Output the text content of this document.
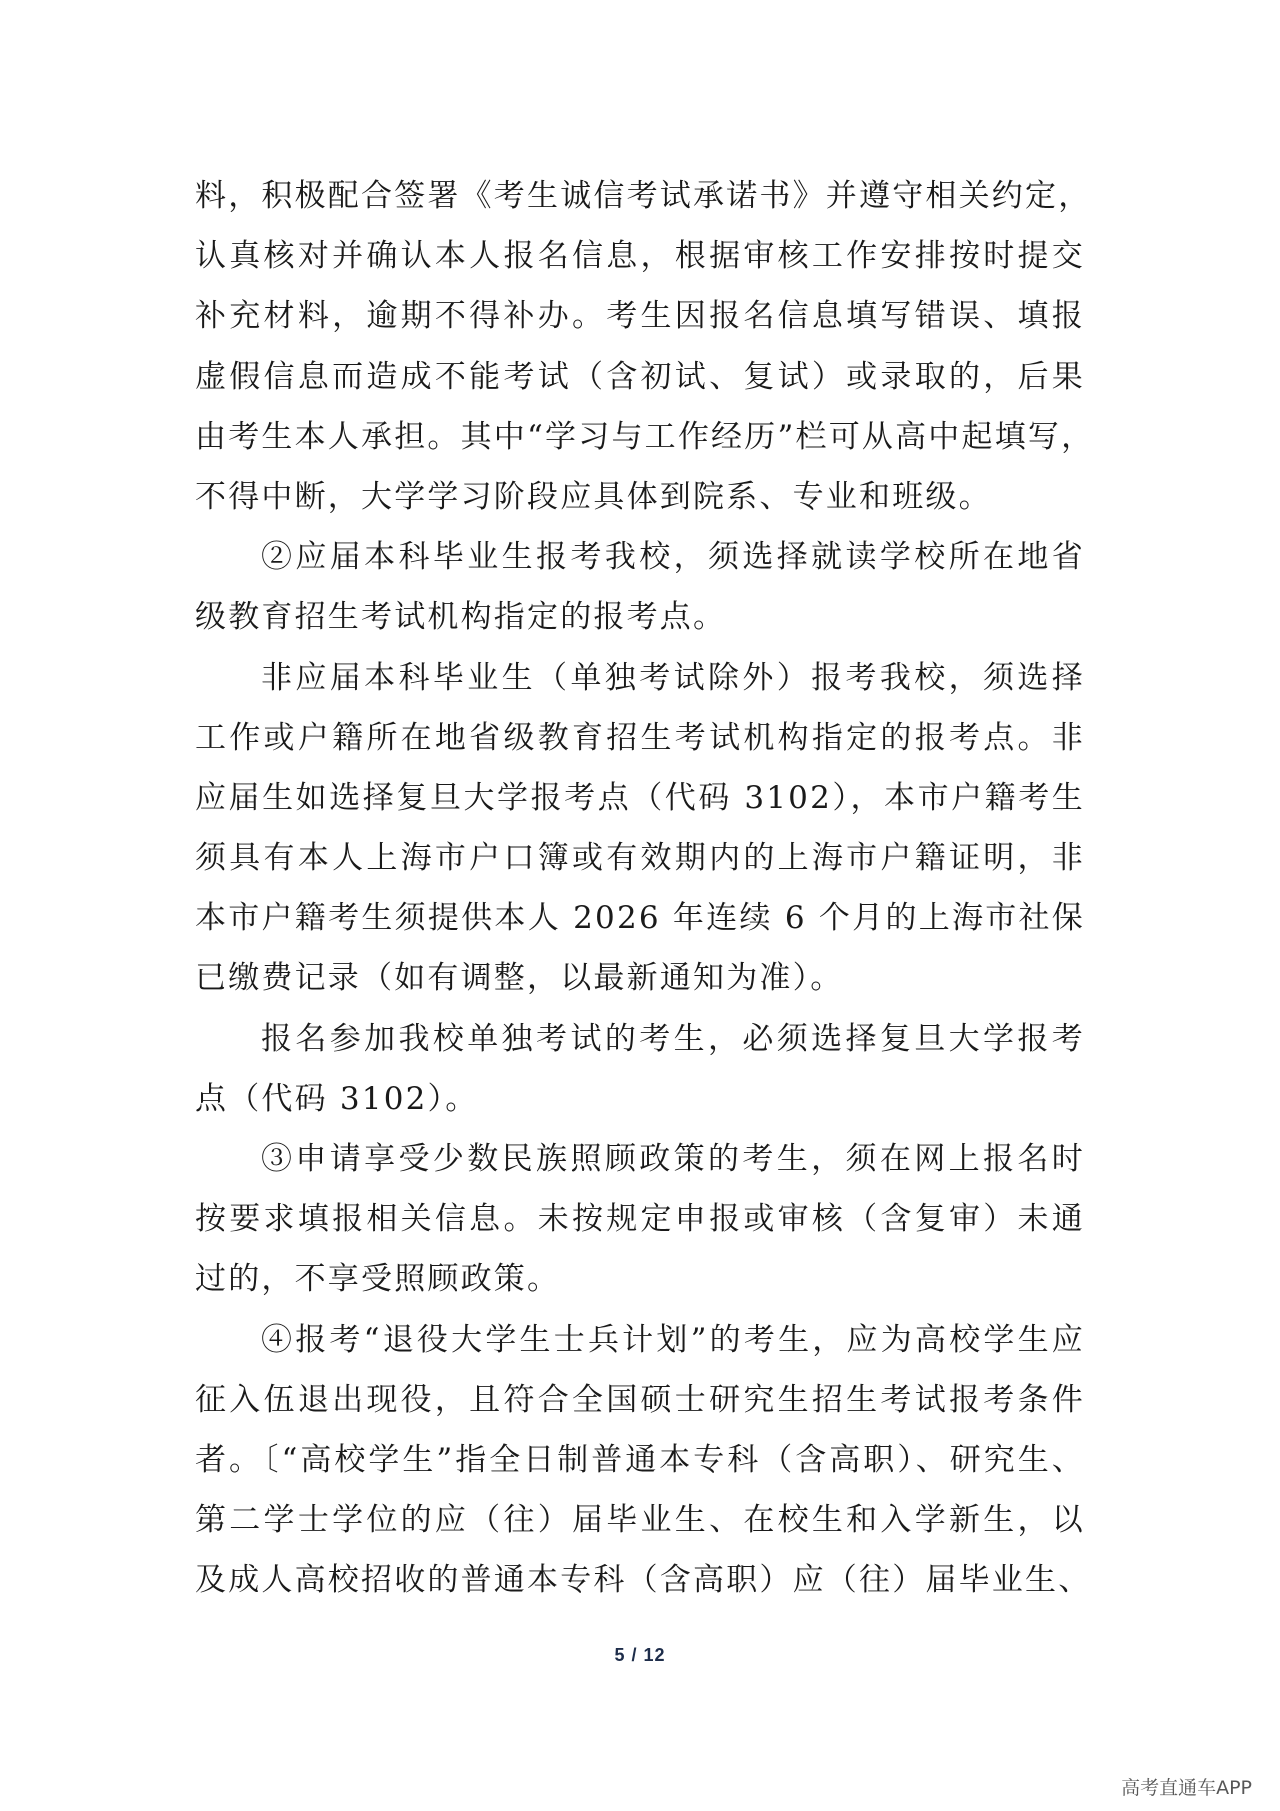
料，积极配合签署《考生诚信考试承诺书》并遵守相关约定，
认真核对并确认本人报名信息，根据审核工作安排按时提交
补充材料，逾期不得补办。考生因报名信息填写错误、填报
虚假信息而造成不能考试（含初试、复试）或录取的，后果
由考生本人承担。其中“学习与工作经历”栏可从高中起填写，
不得中断，大学学习阶段应具体到院系、专业和班级。
②应届本科毕业生报考我校，须选择就读学校所在地省
级教育招生考试机构指定的报考点。
非应届本科毕业生（单独考试除外）报考我校，须选择
工作或户籍所在地省级教育招生考试机构指定的报考点。非
应届生如选择复旦大学报考点（代码 3102），本市户籍考生
须具有本人上海市户口簿或有效期内的上海市户籍证明，非
本市户籍考生须提供本人 2026 年连续 6 个月的上海市社保
已缴费记录（如有调整，以最新通知为准）。
报名参加我校单独考试的考生，必须选择复旦大学报考
点（代码 3102）。
③申请享受少数民族照顾政策的考生，须在网上报名时
按要求填报相关信息。未按规定申报或审核（含复审）未通
过的，不享受照顾政策。
④报考“退役大学生士兵计划”的考生，应为高校学生应
征入伍退出现役，且符合全国硕士研究生招生考试报考条件
者。〔“高校学生”指全日制普通本专科（含高职）、研究生、
第二学士学位的应（往）届毕业生、在校生和入学新生，以
及成人高校招收的普通本专科（含高职）应（往）届毕业生、
5 / 12
高考直通车APP
